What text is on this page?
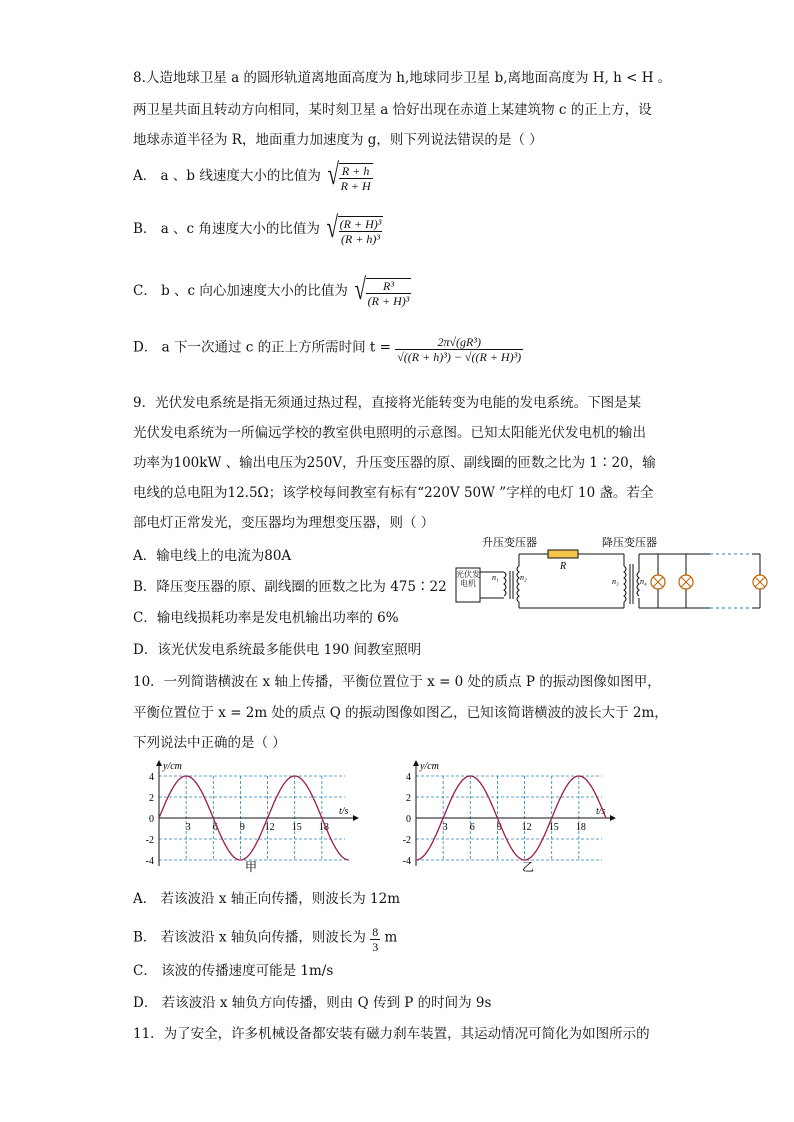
8.人造地球卫星 a 的圆形轨道离地面高度为 h,地球同步卫星 b,离地面高度为 H, h < H 。
两卫星共面且转动方向相同，某时刻卫星 a 恰好出现在赤道上某建筑物 c 的正上方，设
地球赤道半径为 R，地面重力加速度为 g，则下列说法错误的是（ ）
A． a 、b 线速度大小的比值为 √ $\frac{R + h}{R + H}$
B． a 、c 角速度大小的比值为 √ $\frac{\text{(R + H)³}}{\text{(R + h)³}}$
C． b 、c 向心加速度大小的比值为 √ $\frac{\text{R³}}{\text{(R + H)³}}$
D． a 下一次通过 c 的正上方所需时间 $t = \frac{\text{2π√(gR³)}}{\text{√((R + h)³) − √((R + H)³)}}$
9．光伏发电系统是指无须通过热过程，直接将光能转变为电能的发电系统。下图是某
光伏发电系统为一所偏远学校的教室供电照明的示意图。已知太阳能光伏发电机的输出
功率为100kW 、输出电压为250V，升压变压器的原、副线圈的匝数之比为 1∶20，输
电线的总电阻为12.5Ω；该学校每间教室有标有“220V 50W ”字样的电灯 10 盏。若全
部电灯正常发光，变压器均为理想变压器，则（ ）
A．输电线上的电流为80A
B．降压变压器的原、副线圈的匝数之比为 475∶22
C．输电线损耗功率是发电机输出功率的 6%
D．该光伏发电系统最多能供电 190 间教室照明
升压变压器	降压变压器
R
光伏发电机
n₁	n₂	n₃	n₄
10．一列简谐横波在 x 轴上传播，平衡位置位于 x = 0 处的质点 P 的振动图像如图甲，
平衡位置位于 x = 2m 处的质点 Q 的振动图像如图乙，已知该简谐横波的波长大于 2m，
下列说法中正确的是（ ）
4
2
0
-2
-4
3 6 9 12 15 18
y/cm
t/s
甲
4
2
0
-2
-4
3 6 9 12 15 18
y/cm
t/s
乙
A． 若该波沿 x 轴正向传播，则波长为 12m
B． 若该波沿 x 轴负向传播，则波长为 $\frac{8}{3}$ m
C． 该波的传播速度可能是 1m/s
D． 若该波沿 x 轴负方向传播，则由 Q 传到 P 的时间为 9s
11．为了安全，许多机械设备都安装有磁力刹车装置，其运动情况可简化为如图所示的
